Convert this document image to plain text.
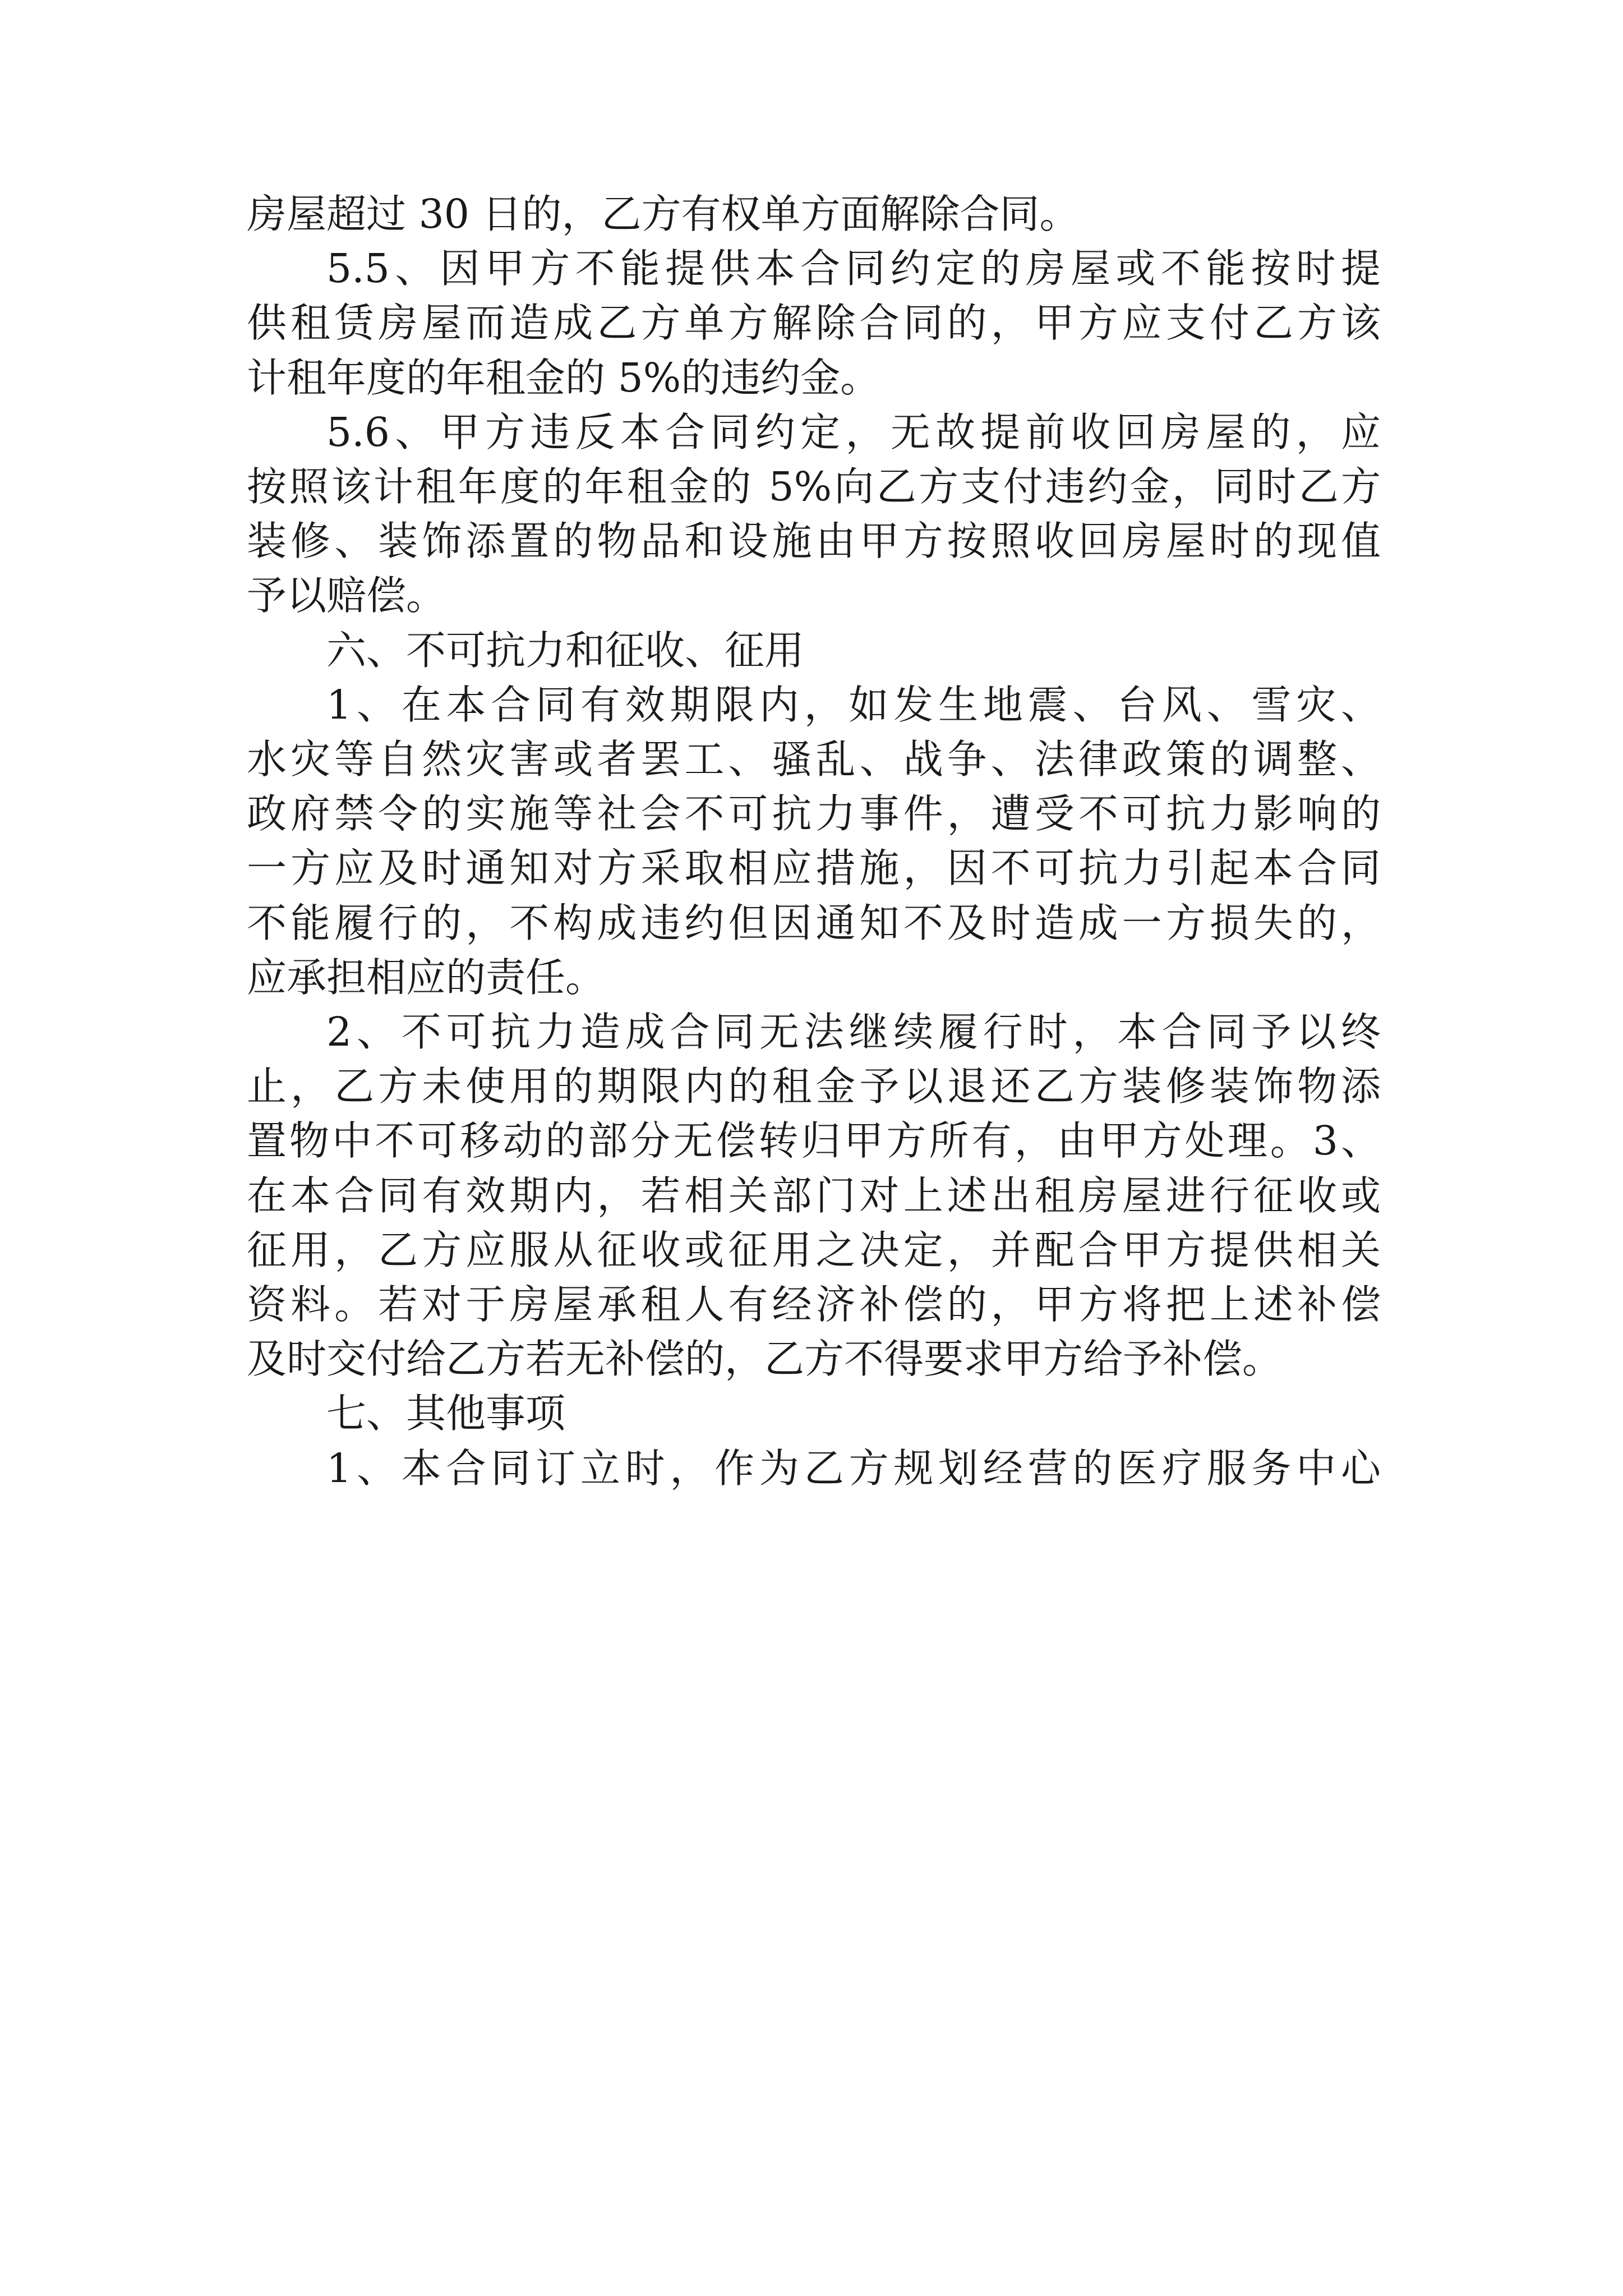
房屋超过 30 日的，乙方有权单方面解除合同。

5.5、因甲方不能提供本合同约定的房屋或不能按时提

供租赁房屋而造成乙方单方解除合同的，甲方应支付乙方该

计租年度的年租金的 5%的违约金。

5.6、甲方违反本合同约定，无故提前收回房屋的，应

按照该计租年度的年租金的 5%向乙方支付违约金，同时乙方

装修、装饰添置的物品和设施由甲方按照收回房屋时的现值

予以赔偿。

六、不可抗力和征收、征用

1、在本合同有效期限内，如发生地震、台风、雪灾、

水灾等自然灾害或者罢工、骚乱、战争、法律政策的调整、

政府禁令的实施等社会不可抗力事件，遭受不可抗力影响的

一方应及时通知对方采取相应措施，因不可抗力引起本合同

不能履行的，不构成违约但因通知不及时造成一方损失的，

应承担相应的责任。

2、不可抗力造成合同无法继续履行时，本合同予以终

止，乙方未使用的期限内的租金予以退还乙方装修装饰物添

置物中不可移动的部分无偿转归甲方所有，由甲方处理。3、

在本合同有效期内，若相关部门对上述出租房屋进行征收或

征用，乙方应服从征收或征用之决定，并配合甲方提供相关

资料。若对于房屋承租人有经济补偿的，甲方将把上述补偿

及时交付给乙方若无补偿的，乙方不得要求甲方给予补偿。

七、其他事项

1、本合同订立时，作为乙方规划经营的医疗服务中心
